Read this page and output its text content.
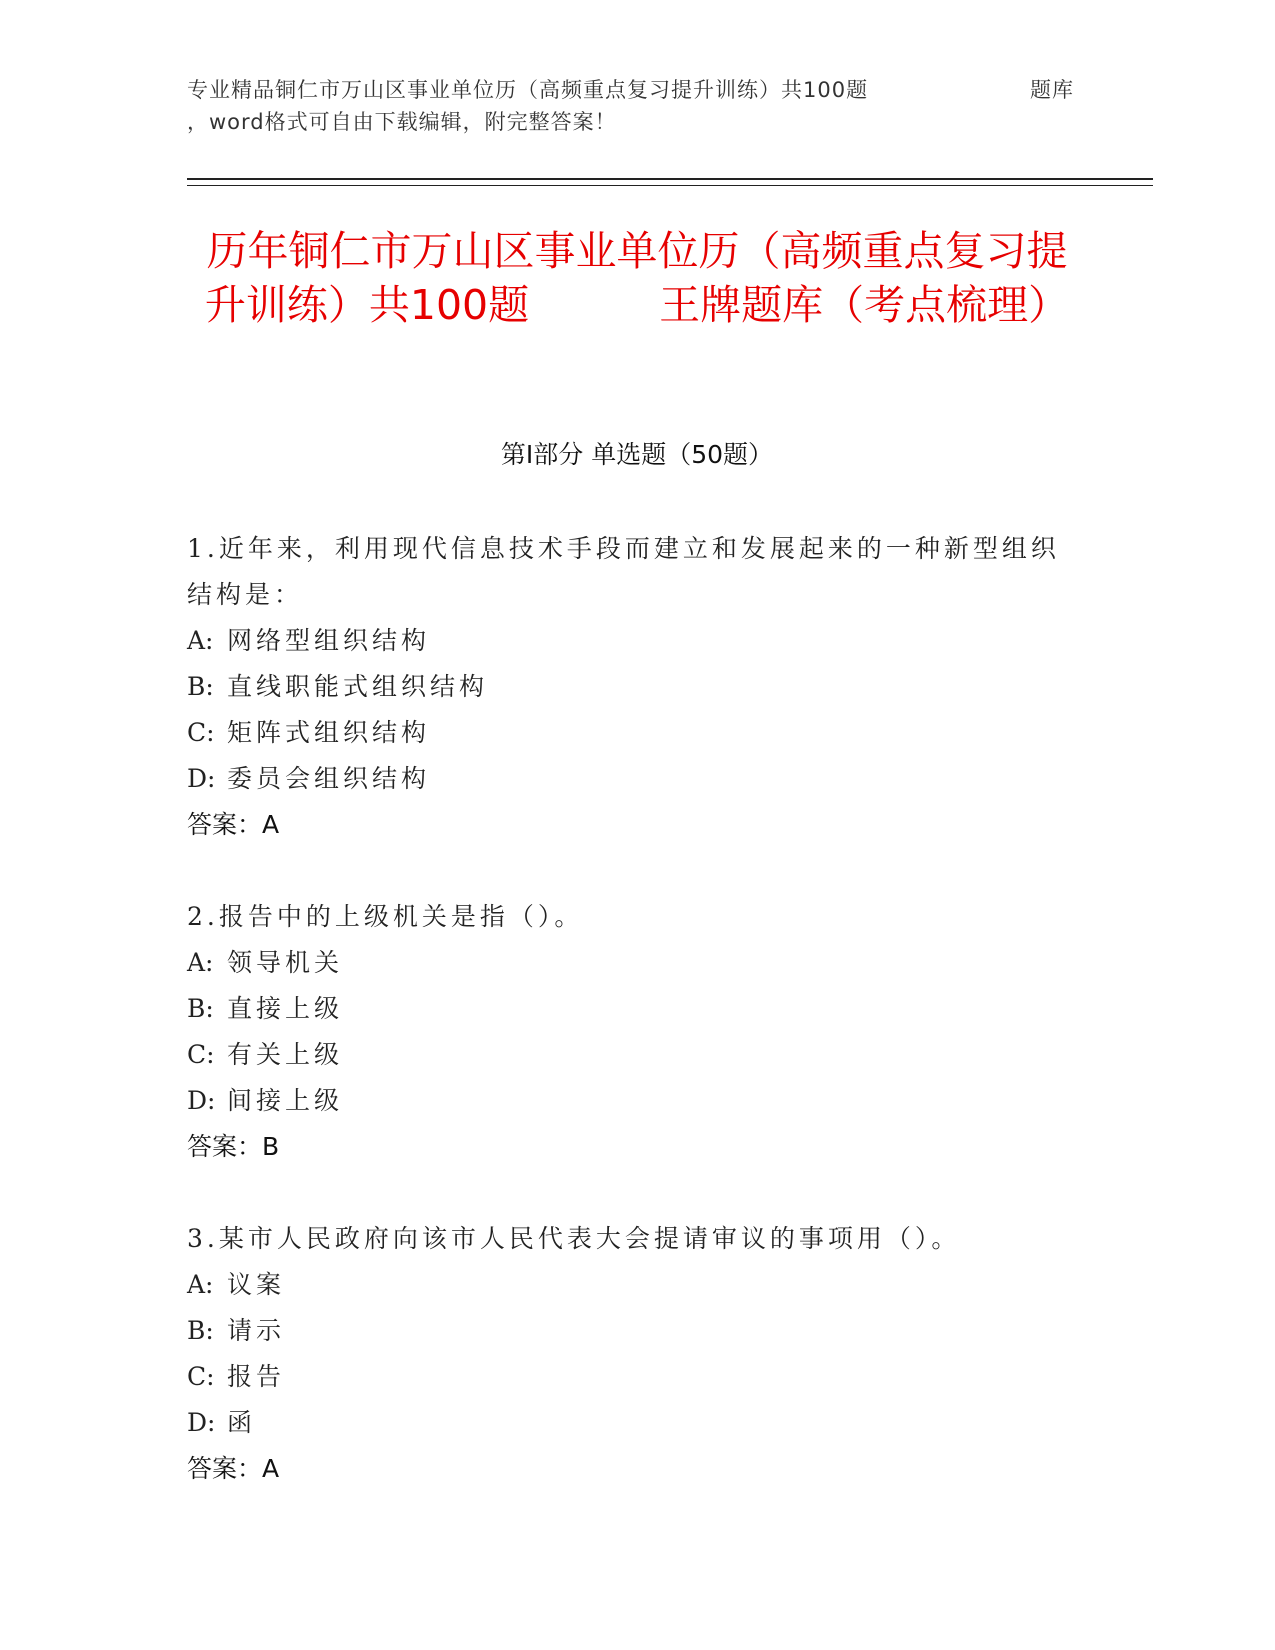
专业精品铜仁市万山区事业单位历（高频重点复习提升训练）共100题	题库
，word格式可自由下载编辑，附完整答案！
历年铜仁市万山区事业单位历（高频重点复习提升训练）共100题	王牌题库（考点梳理）
第I部分 单选题（50题）
1.近年来，利用现代信息技术手段而建立和发展起来的一种新型组织结构是：
A: 网络型组织结构
B: 直线职能式组织结构
C: 矩阵式组织结构
D: 委员会组织结构
答案：A
2.报告中的上级机关是指（）。
A: 领导机关
B: 直接上级
C: 有关上级
D: 间接上级
答案：B
3.某市人民政府向该市人民代表大会提请审议的事项用（）。
A: 议案
B: 请示
C: 报告
D: 函
答案：A
